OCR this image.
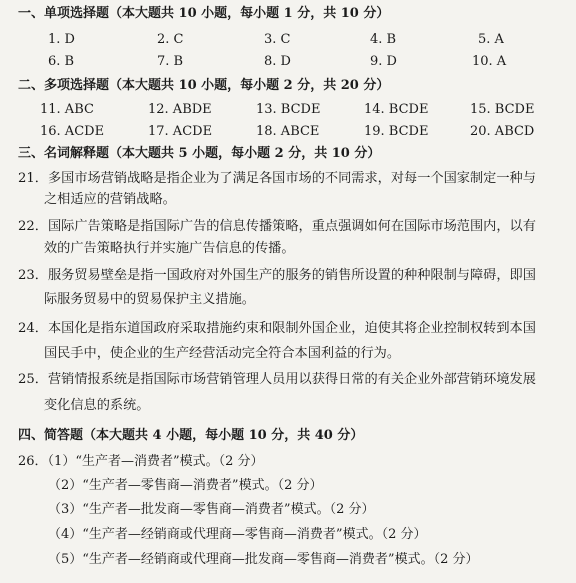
一、单项选择题（本大题共 10 小题，每小题 1 分，共 10 分）
1. D	2. C	3. C	4. B	5. A
6. B	7. B	8. D	9. D	10. A
二、多项选择题（本大题共 10 小题，每小题 2 分，共 20 分）
11. ABC	12. ABDE	13. BCDE	14. BCDE	15. BCDE
16. ACDE	17. ACDE	18. ABCE	19. BCDE	20. ABCD
三、名词解释题（本大题共 5 小题，每小题 2 分，共 10 分）
21．多国市场营销战略是指企业为了满足各国市场的不同需求，对每一个国家制定一种与
之相适应的营销战略。
22．国际广告策略是指国际广告的信息传播策略，重点强调如何在国际市场范围内，以有
效的广告策略执行并实施广告信息的传播。
23．服务贸易壁垒是指一国政府对外国生产的服务的销售所设置的种种限制与障碍，即国
际服务贸易中的贸易保护主义措施。
24．本国化是指东道国政府采取措施约束和限制外国企业，迫使其将企业控制权转到本国
国民手中，使企业的生产经营活动完全符合本国利益的行为。
25．营销情报系统是指国际市场营销管理人员用以获得日常的有关企业外部营销环境发展
变化信息的系统。
四、简答题（本大题共 4 小题，每小题 10 分，共 40 分）
26．（1）“生产者—消费者”模式。（2 分）
（2）“生产者—零售商—消费者”模式。（2 分）
（3）“生产者—批发商—零售商—消费者”模式。（2 分）
（4）“生产者—经销商或代理商—零售商—消费者”模式。（2 分）
（5）“生产者—经销商或代理商—批发商—零售商—消费者”模式。（2 分）
